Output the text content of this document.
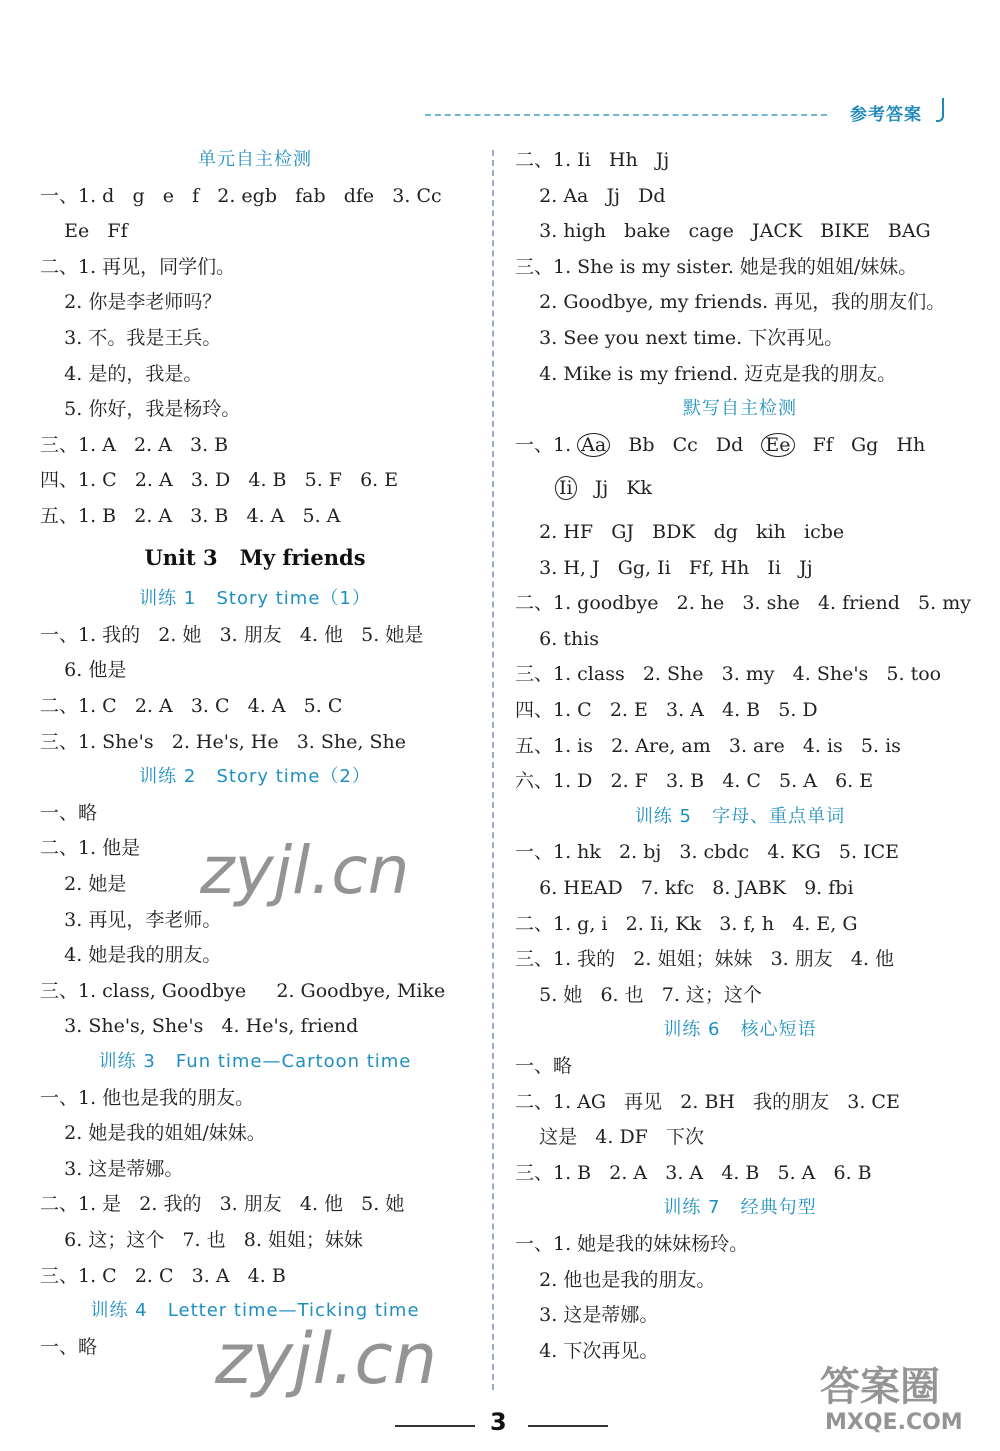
参考答案
单元自主检测
一、1. d   g   e   f   2. egb   fab   dfe   3. Cc
Ee   Ff
二、1. 再见，同学们。
2. 你是李老师吗？
3. 不。我是王兵。
4. 是的，我是。
5. 你好，我是杨玲。
三、1. A   2. A   3. B
四、1. C   2. A   3. D   4. B   5. F   6. E
五、1. B   2. A   3. B   4. A   5. A
Unit 3   My friends
训练 1   Story time（1）
一、1. 我的   2. 她   3. 朋友   4. 他   5. 她是
6. 他是
二、1. C   2. A   3. C   4. A   5. C
三、1. She's   2. He's, He   3. She, She
训练 2   Story time（2）
一、略
二、1. 他是
2. 她是
3. 再见，李老师。
4. 她是我的朋友。
三、1. class, Goodbye     2. Goodbye, Mike
3. She's, She's   4. He's, friend
训练 3   Fun time—Cartoon time
一、1. 他也是我的朋友。
2. 她是我的姐姐/妹妹。
3. 这是蒂娜。
二、1. 是   2. 我的   3. 朋友   4. 他   5. 她
6. 这；这个   7. 也   8. 姐姐；妹妹
三、1. C   2. C   3. A   4. B
训练 4   Letter time—Ticking time
一、略
二、1. Ii   Hh   Jj
2. Aa   Jj   Dd
3. high   bake   cage   JACK   BIKE   BAG
三、1. She is my sister. 她是我的姐姐/妹妹。
2. Goodbye, my friends. 再见，我的朋友们。
3. See you next time. 下次再见。
4. Mike is my friend. 迈克是我的朋友。
默写自主检测
一、1. Aa   Bb   Cc   Dd   Ee   Ff   Gg   Hh
Ii   Jj   Kk
2. HF   GJ   BDK   dg   kih   icbe
3. H, J   Gg, Ii   Ff, Hh   Ii   Jj
二、1. goodbye   2. he   3. she   4. friend   5. my
6. this
三、1. class   2. She   3. my   4. She's   5. too
四、1. C   2. E   3. A   4. B   5. D
五、1. is   2. Are, am   3. are   4. is   5. is
六、1. D   2. F   3. B   4. C   5. A   6. E
训练 5   字母、重点单词
一、1. hk   2. bj   3. cbdc   4. KG   5. ICE
6. HEAD   7. kfc   8. JABK   9. fbi
二、1. g, i   2. Ii, Kk   3. f, h   4. E, G
三、1. 我的   2. 姐姐；妹妹   3. 朋友   4. 他
5. 她   6. 也   7. 这；这个
训练 6   核心短语
一、略
二、1. AG   再见   2. BH   我的朋友   3. CE
这是   4. DF   下次
三、1. B   2. A   3. A   4. B   5. A   6. B
训练 7   经典句型
一、1. 她是我的妹妹杨玲。
2. 他也是我的朋友。
3. 这是蒂娜。
4. 下次再见。
3
zyjl.cn
zyjl.cn	答案圈
MXQE.COM
